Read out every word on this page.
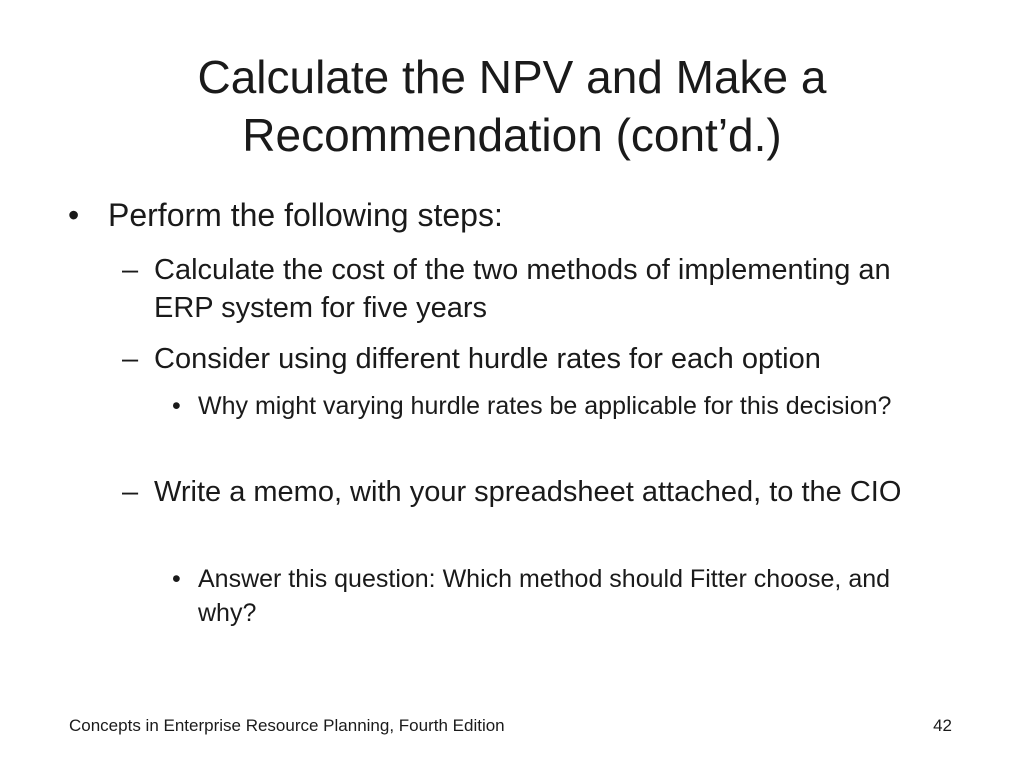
Calculate the NPV and Make a
Recommendation (cont’d.)
• Perform the following steps:
– Calculate the cost of the two methods of implementing an ERP system for five years
– Consider using different hurdle rates for each option
• Why might varying hurdle rates be applicable for this decision?
– Write a memo, with your spreadsheet attached, to the CIO
• Answer this question: Which method should Fitter choose, and why?
Concepts in Enterprise Resource Planning, Fourth Edition	42
